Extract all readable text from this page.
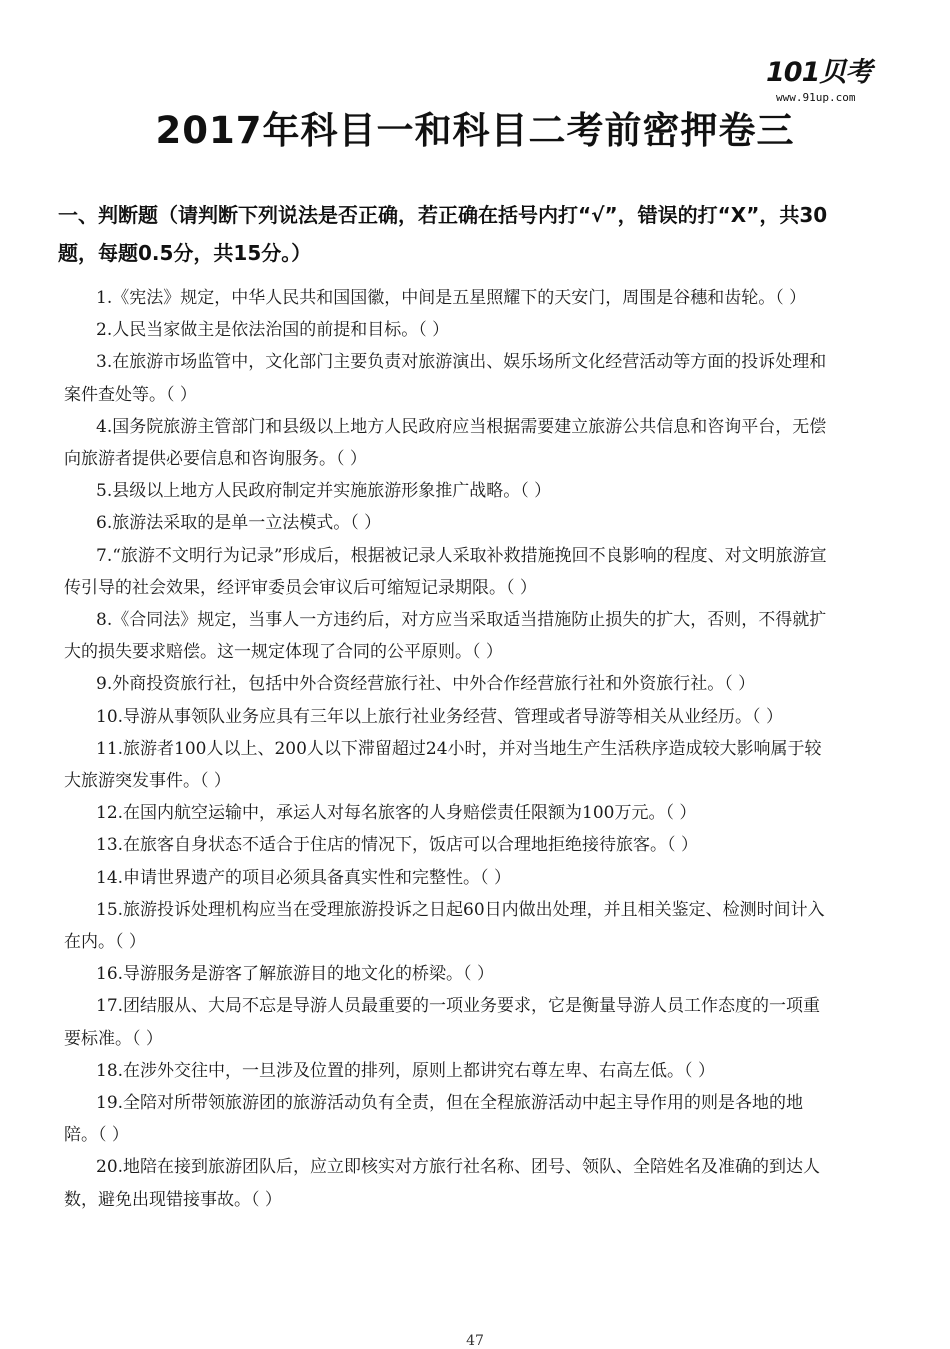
101贝考
www.91up.com
2017年科目一和科目二考前密押卷三
一、判断题（请判断下列说法是否正确，若正确在括号内打“√”，错误的打“X”，共30题，每题0.5分，共15分。）

1.《宪法》规定，中华人民共和国国徽，中间是五星照耀下的天安门，周围是谷穗和齿轮。（ ）

2.人民当家做主是依法治国的前提和目标。（ ）

3.在旅游市场监管中，文化部门主要负责对旅游演出、娱乐场所文化经营活动等方面的投诉处理和案件查处等。（ ）

4.国务院旅游主管部门和县级以上地方人民政府应当根据需要建立旅游公共信息和咨询平台，无偿向旅游者提供必要信息和咨询服务。（ ）

5.县级以上地方人民政府制定并实施旅游形象推广战略。（ ）

6.旅游法采取的是单一立法模式。（ ）

7.“旅游不文明行为记录”形成后，根据被记录人采取补救措施挽回不良影响的程度、对文明旅游宣传引导的社会效果，经评审委员会审议后可缩短记录期限。（ ）

8.《合同法》规定，当事人一方违约后，对方应当采取适当措施防止损失的扩大，否则，不得就扩大的损失要求赔偿。这一规定体现了合同的公平原则。（ ）

9.外商投资旅行社，包括中外合资经营旅行社、中外合作经营旅行社和外资旅行社。（ ）

10.导游从事领队业务应具有三年以上旅行社业务经营、管理或者导游等相关从业经历。（ ）

11.旅游者100人以上、200人以下滞留超过24小时，并对当地生产生活秩序造成较大影响属于较大旅游突发事件。（ ）

12.在国内航空运输中，承运人对每名旅客的人身赔偿责任限额为100万元。（ ）

13.在旅客自身状态不适合于住店的情况下，饭店可以合理地拒绝接待旅客。（ ）

14.申请世界遗产的项目必须具备真实性和完整性。（ ）

15.旅游投诉处理机构应当在受理旅游投诉之日起60日内做出处理，并且相关鉴定、检测时间计入在内。（ ）

16.导游服务是游客了解旅游目的地文化的桥梁。（ ）

17.团结服从、大局不忘是导游人员最重要的一项业务要求，它是衡量导游人员工作态度的一项重要标准。（ ）

18.在涉外交往中，一旦涉及位置的排列，原则上都讲究右尊左卑、右高左低。（ ）

19.全陪对所带领旅游团的旅游活动负有全责，但在全程旅游活动中起主导作用的则是各地的地陪。（ ）

20.地陪在接到旅游团队后，应立即核实对方旅行社名称、团号、领队、全陪姓名及准确的到达人数，避免出现错接事故。（ ）

47
